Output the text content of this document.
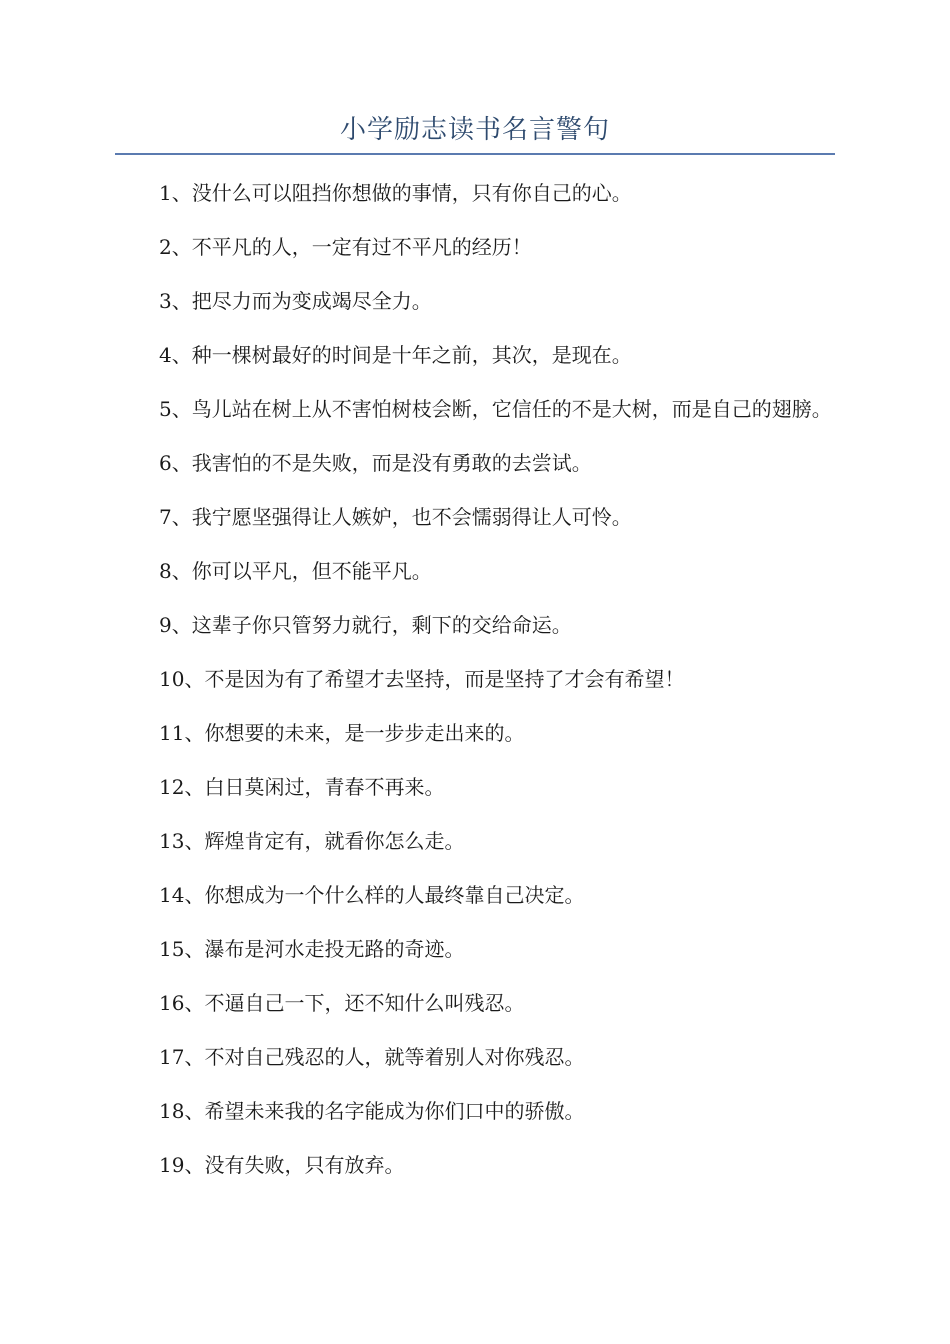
小学励志读书名言警句

1、没什么可以阻挡你想做的事情，只有你自己的心。

2、不平凡的人，一定有过不平凡的经历！

3、把尽力而为变成竭尽全力。

4、种一棵树最好的时间是十年之前，其次，是现在。

5、鸟儿站在树上从不害怕树枝会断，它信任的不是大树，而是自己的翅膀。

6、我害怕的不是失败，而是没有勇敢的去尝试。

7、我宁愿坚强得让人嫉妒，也不会懦弱得让人可怜。

8、你可以平凡，但不能平凡。

9、这辈子你只管努力就行，剩下的交给命运。

10、不是因为有了希望才去坚持，而是坚持了才会有希望！

11、你想要的未来，是一步步走出来的。

12、白日莫闲过，青春不再来。

13、辉煌肯定有，就看你怎么走。

14、你想成为一个什么样的人最终靠自己决定。

15、瀑布是河水走投无路的奇迹。

16、不逼自己一下，还不知什么叫残忍。

17、不对自己残忍的人，就等着别人对你残忍。

18、希望未来我的名字能成为你们口中的骄傲。

19、没有失败，只有放弃。
